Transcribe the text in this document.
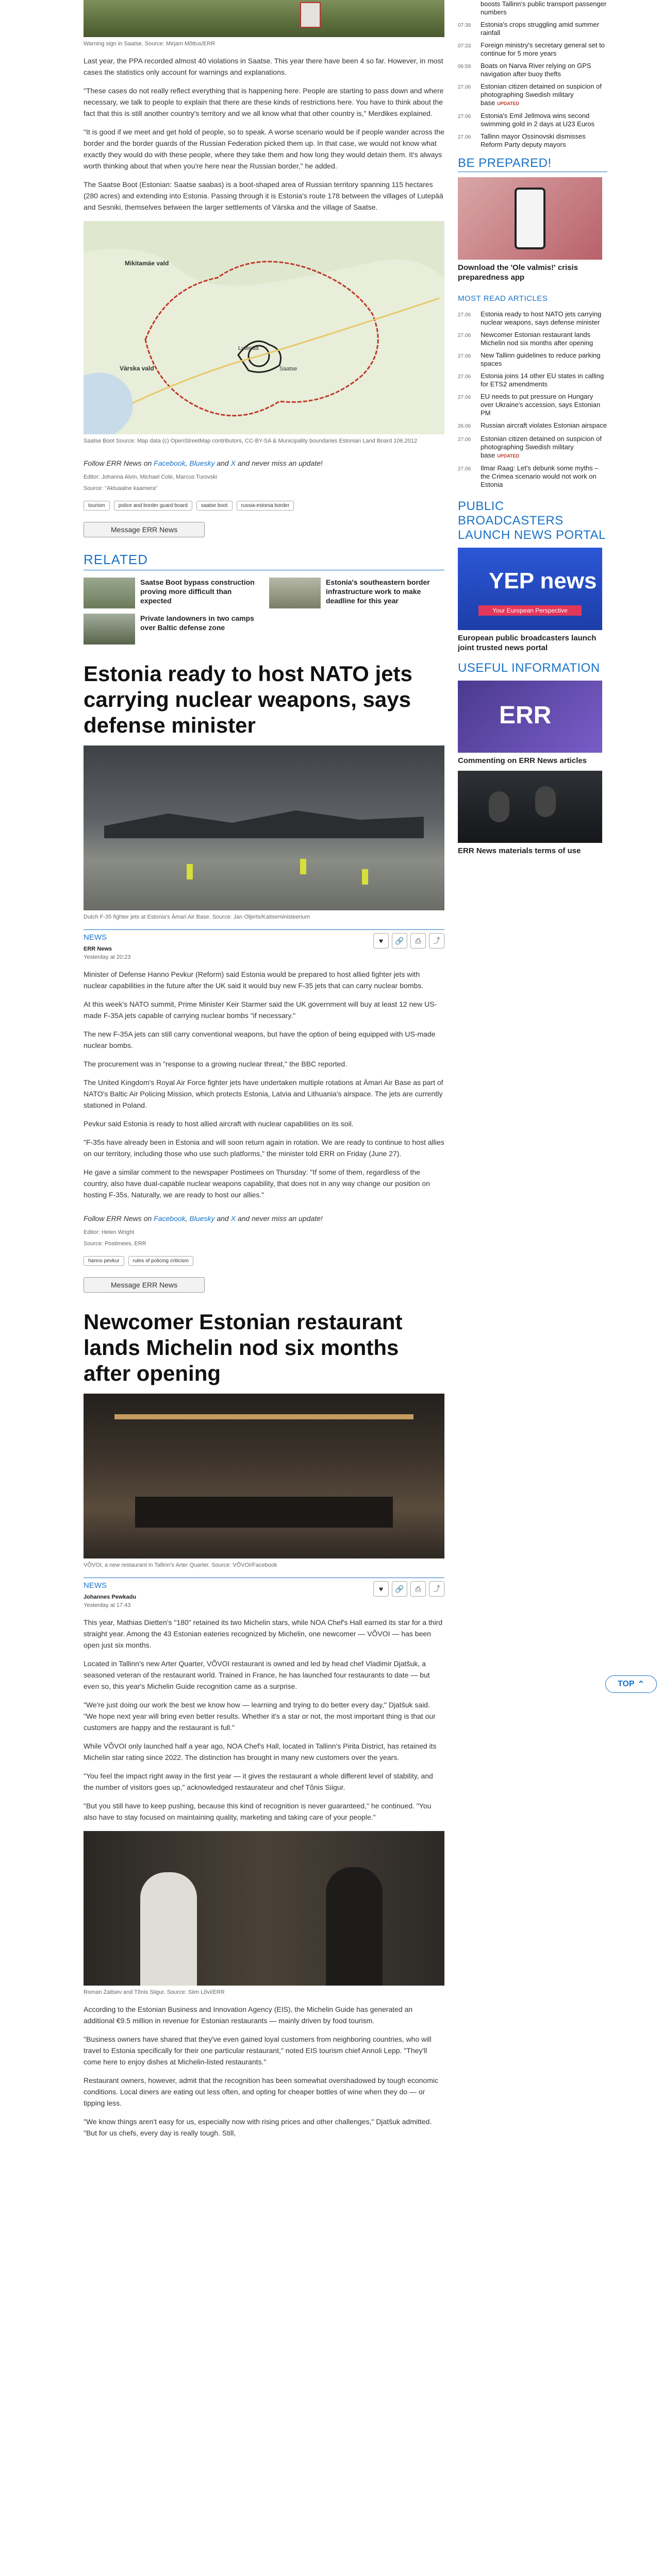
Warning sign in Saatse. Source: Mirjam Mõttus/ERR

Last year, the PPA recorded almost 40 violations in Saatse. This year there have been 4 so far. However, in most cases the statistics only account for warnings and explanations.

"These cases do not really reflect everything that is happening here. People are starting to pass down and where necessary, we talk to people to explain that there are these kinds of restrictions here. You have to think about the fact that this is still another country's territory and we all know what that other country is," Merdikes explained.

"It is good if we meet and get hold of people, so to speak. A worse scenario would be if people wander across the border and the border guards of the Russian Federation picked them up. In that case, we would not know what exactly they would do with these people, where they take them and how long they would detain them. It's always worth thinking about that when you're here near the Russian border," he added.

The Saatse Boot (Estonian: Saatse saabas) is a boot-shaped area of Russian territory spanning 115 hectares (280 acres) and extending into Estonia. Passing through it is Estonia's route 178 between the villages of Lutepää and Sesniki, themselves between the larger settlements of Värska and the village of Saatse.

Mikitamäe vald
Värska vald
Lutepää
Saatse
Saatse Boot Source: Map data (c) OpenStreetMap contributors, CC-BY-SA & Municipality boundaries Estonian Land Board 106.2012

Follow ERR News on Facebook, Bluesky and X and never miss an update!

Editor: Johanna Alvin, Michael Cole, Marcus Turovski
Source: "Aktuaalne kaamera"
tourism	police and border guard board	saatse boot	russia-estonia border
Message ERR News
RELATED
Saatse Boot bypass construction proving more difficult than expected
Estonia's southeastern border infrastructure work to make deadline for this year
Private landowners in two camps over Baltic defense zone
Estonia ready to host NATO jets carrying nuclear weapons, says defense minister
Dutch F-35 fighter jets at Estonia's Ämari Air Base. Source: Jan Oljerts/Kaitseministeerium
NEWS
ERR News
Yesterday at 20:23
♥	🔗	⎙	⤴

Minister of Defense Hanno Pevkur (Reform) said Estonia would be prepared to host allied fighter jets with nuclear capabilities in the future after the UK said it would buy new F-35 jets that can carry nuclear bombs.

At this week's NATO summit, Prime Minister Keir Starmer said the UK government will buy at least 12 new US-made F-35A jets capable of carrying nuclear bombs "if necessary."

The new F-35A jets can still carry conventional weapons, but have the option of being equipped with US-made nuclear bombs.

The procurement was in "response to a growing nuclear threat," the BBC reported.

The United Kingdom's Royal Air Force fighter jets have undertaken multiple rotations at Ämari Air Base as part of NATO's Baltic Air Policing Mission, which protects Estonia, Latvia and Lithuania's airspace. The jets are currently stationed in Poland.

Pevkur said Estonia is ready to host allied aircraft with nuclear capabilities on its soil.

"F-35s have already been in Estonia and will soon return again in rotation. We are ready to continue to host allies on our territory, including those who use such platforms," the minister told ERR on Friday (June 27).

He gave a similar comment to the newspaper Postimees on Thursday: "If some of them, regardless of the country, also have dual-capable nuclear weapons capability, that does not in any way change our position on hosting F-35s. Naturally, we are ready to host our allies."

Follow ERR News on Facebook, Bluesky and X and never miss an update!

Editor: Helen Wright
Source: Postimees, ERR
hanno pevkur	rules of policing criticism
Message ERR News
Newcomer Estonian restaurant lands Michelin nod six months after opening
VÕVOI, a new restaurant in Tallinn's Arter Quarter. Source: VÕVOI/Facebook
NEWS
Johannes Pewkadu
Yesterday at 17:43
♥	🔗	⎙	⤴

This year, Mathias Dietten's "180" retained its two Michelin stars, while NOA Chef's Hall earned its star for a third straight year. Among the 43 Estonian eateries recognized by Michelin, one newcomer — VÕVOI — has been open just six months.

Located in Tallinn's new Arter Quarter, VÕVOI restaurant is owned and led by head chef Vladimir Djatšuk, a seasoned veteran of the restaurant world. Trained in France, he has launched four restaurants to date — but even so, this year's Michelin Guide recognition came as a surprise.

"We're just doing our work the best we know how — learning and trying to do better every day," Djatšuk said. "We hope next year will bring even better results. Whether it's a star or not, the most important thing is that our customers are happy and the restaurant is full."

While VÕVOI only launched half a year ago, NOA Chef's Hall, located in Tallinn's Pirita District, has retained its Michelin star rating since 2022. The distinction has brought in many new customers over the years.

"You feel the impact right away in the first year — it gives the restaurant a whole different level of stability, and the number of visitors goes up," acknowledged restaurateur and chef Tõnis Siigur.

"But you still have to keep pushing, because this kind of recognition is never guaranteed," he continued. "You also have to stay focused on maintaining quality, marketing and taking care of your people."

Roman Zaitsev and Tõnis Siigur. Source: Siim Lõvi/ERR

According to the Estonian Business and Innovation Agency (EIS), the Michelin Guide has generated an additional €9.5 million in revenue for Estonian restaurants — mainly driven by food tourism.

"Business owners have shared that they've even gained loyal customers from neighboring countries, who will travel to Estonia specifically for their one particular restaurant," noted EIS tourism chief Annoli Lepp. "They'll come here to enjoy dishes at Michelin-listed restaurants."

Restaurant owners, however, admit that the recognition has been somewhat overshadowed by tough economic conditions. Local diners are eating out less often, and opting for cheaper bottles of wine when they do — or tipping less.

"We know things aren't easy for us, especially now with rising prices and other challenges," Djatšuk admitted. "But for us chefs, every day is really tough. Still,

boosts Tallinn's public transport passenger numbers
07:39	Estonia's crops struggling amid summer rainfall
07:33	Foreign ministry's secretary general set to continue for 5 more years
06:59	Boats on Narva River relying on GPS navigation after buoy thefts
27.06	Estonian citizen detained on suspicion of photographing Swedish military base UPDATED
27.06	Estonia's Emil Jellmova wins second swimming gold in 2 days at U23 Euros
27.06	Tallinn mayor Ossinovski dismisses Reform Party deputy mayors
BE PREPARED!
Download the 'Ole valmis!' crisis preparedness app
MOST READ ARTICLES
27.06	Estonia ready to host NATO jets carrying nuclear weapons, says defense minister
27.06	Newcomer Estonian restaurant lands Michelin nod six months after opening
27.06	New Tallinn guidelines to reduce parking spaces
27.06	Estonia joins 14 other EU states in calling for ETS2 amendments
27.06	EU needs to put pressure on Hungary over Ukraine's accession, says Estonian PM
26.06	Russian aircraft violates Estonian airspace
27.06	Estonian citizen detained on suspicion of photographing Swedish military base UPDATED
27.06	Ilmar Raag: Let's debunk some myths – the Crimea scenario would not work on Estonia
PUBLIC BROADCASTERS LAUNCH NEWS PORTAL
YEP news
Your European Perspective
European public broadcasters launch joint trusted news portal
USEFUL INFORMATION
ERR
Commenting on ERR News articles
ERR News materials terms of use
TOP ⌃
